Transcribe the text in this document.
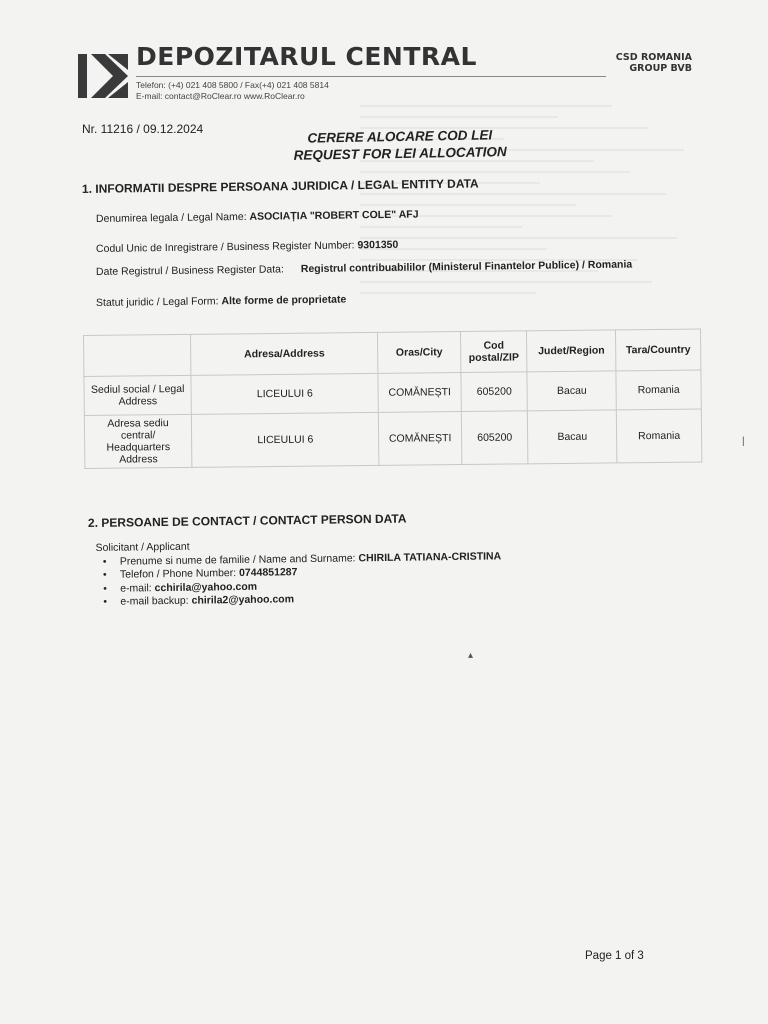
DEPOZITARUL CENTRAL
Telefon: (+4) 021 408 5800 / Fax(+4) 021 408 5814
E-mail: contact@RoClear.ro www.RoClear.ro
CSD ROMANIA
GROUP BVB
Nr. 11216 / 09.12.2024	CERERE ALOCARE COD LEI
REQUEST FOR LEI ALLOCATION
1. INFORMATII DESPRE PERSOANA JURIDICA / LEGAL ENTITY DATA
Denumirea legala / Legal Name: ASOCIAȚIA "ROBERT COLE" AFJ
Codul Unic de Inregistrare / Business Register Number: 9301350
Date Registrul / Business Register Data: Registrul contribuabililor (Ministerul Finantelor Publice) / Romania
Statut juridic / Legal Form: Alte forme de proprietate
	Adresa/Address	Oras/City	Cod
postal/ZIP	Judet/Region	Tara/Country

Sediul social / Legal
Address	LICEULUI 6	COMĂNEȘTI	605200	Bacau	Romania

Adresa sediu
central/
Headquarters
Address	LICEULUI 6	COMĂNEȘTI	605200	Bacau	Romania
2. PERSOANE DE CONTACT / CONTACT PERSON DATA
Solicitant / Applicant
• Prenume si nume de familie / Name and Surname: CHIRILA TATIANA-CRISTINA
• Telefon / Phone Number: 0744851287
• e-mail: cchirila@yahoo.com
• e-mail backup: chirila2@yahoo.com
|
▴
Page 1 of 3
